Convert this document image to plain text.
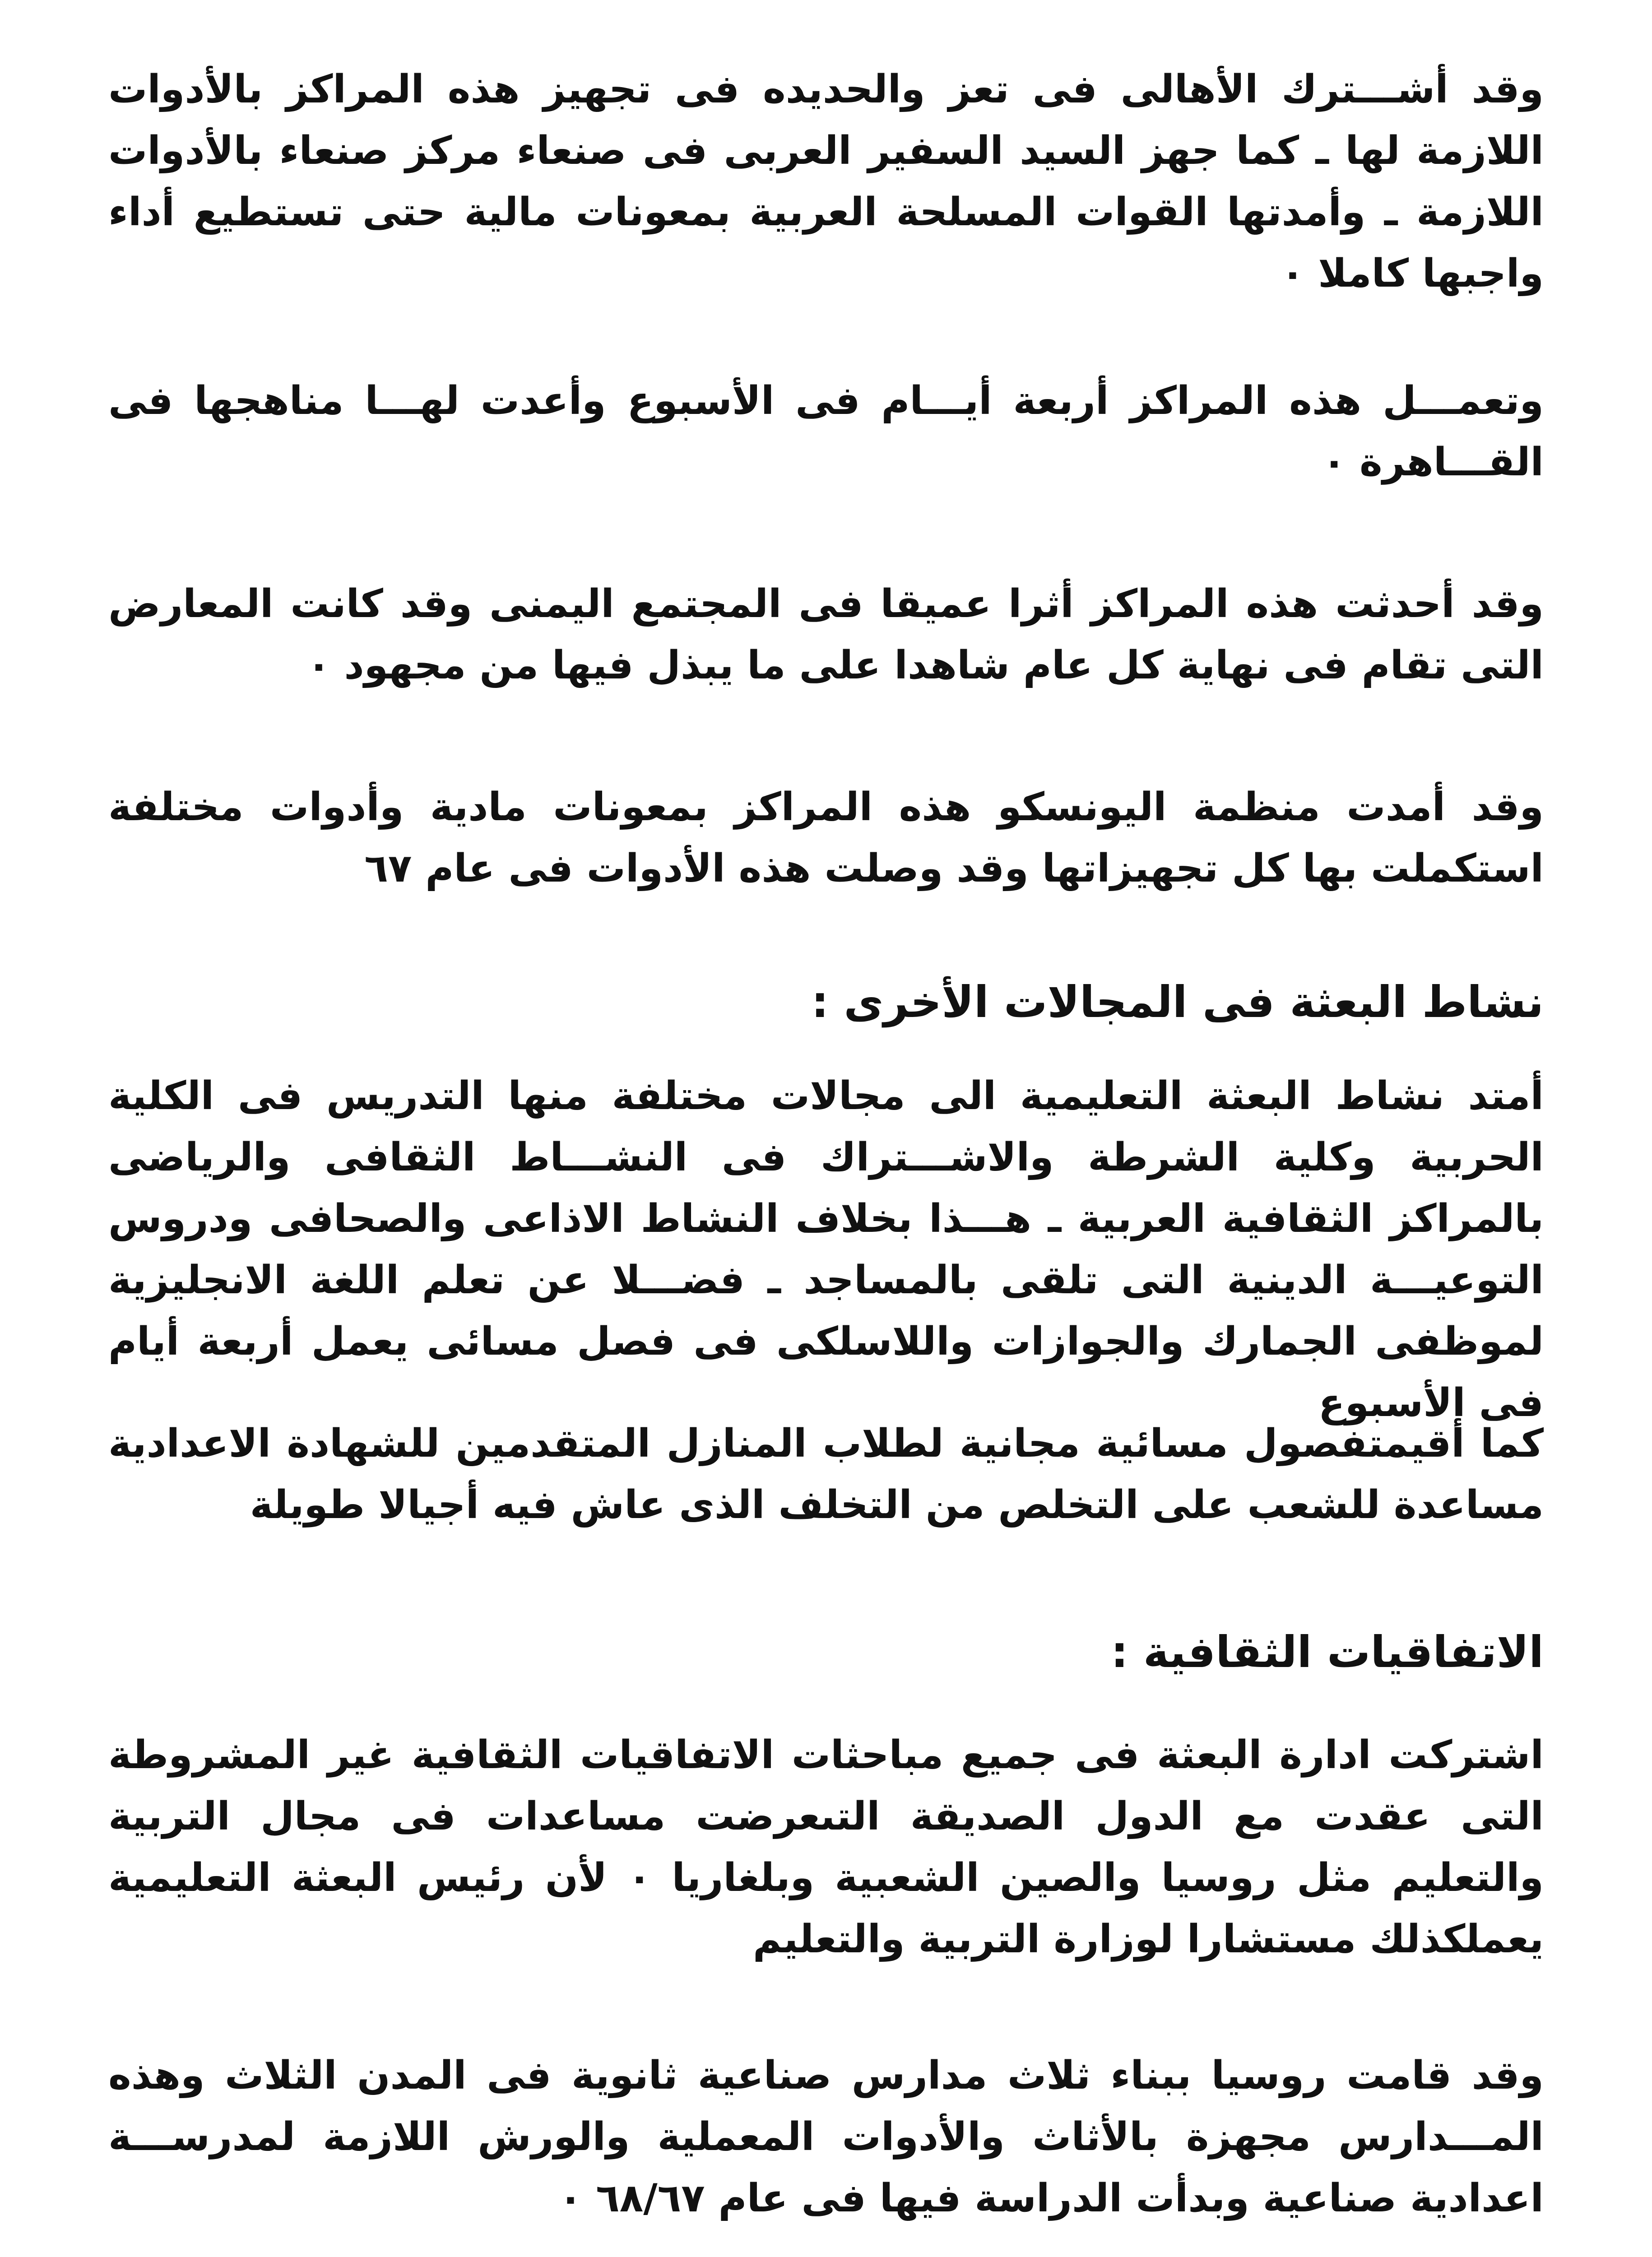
وقد أشـــترك الأهالى فى تعز والحديده فى تجهيز هذه المراكز بالأدوات اللازمة لها ـ كما جهز السيد السفير العربى فى صنعاء مركز صنعاء بالأدوات اللازمة ـ وأمدتها القوات المسلحة العربية بمعونات مالية حتى تستطيع أداء واجبها كاملا ٠

وتعمـــل هذه المراكز أربعة أيـــام فى الأسبوع وأعدت لهـــا مناهجها فى القـــاهرة ٠

وقد أحدثت هذه المراكز أثرا عميقا فى المجتمع اليمنى وقد كانت المعارض التى تقام فى نهاية كل عام شاهدا على ما يبذل فيها من مجهود ٠

وقد أمدت منظمة اليونسكو هذه المراكز بمعونات مادية وأدوات مختلفة استكملت بها كل تجهيزاتها وقد وصلت هذه الأدوات فى عام ٦٧

نشاط البعثة فى المجالات الأخرى :

أمتد نشاط البعثة التعليمية الى مجالات مختلفة منها التدريس فى الكلية الحربية وكلية الشرطة والاشـــتراك فى النشـــاط الثقافى والرياضى بالمراكز الثقافية العربية ـ هـــذا بخلاف النشاط الاذاعى والصحافى ودروس التوعيـــة الدينية التى تلقى بالمساجد ـ فضـــلا عن تعلم اللغة الانجليزية لموظفى الجمارك والجوازات واللاسلكى فى فصل مسائى يعمل أربعة أيام فى الأسبوع

كما أقيمتفصول مسائية مجانية لطلاب المنازل المتقدمين للشهادة الاعدادية مساعدة للشعب على التخلص من التخلف الذى عاش فيه أجيالا طويلة

الاتفاقيات الثقافية :

اشتركت ادارة البعثة فى جميع مباحثات الاتفاقيات الثقافية غير المشروطة التى عقدت مع الدول الصديقة التىعرضت مساعدات فى مجال التربية والتعليم مثل روسيا والصين الشعبية وبلغاريا ٠ لأن رئيس البعثة التعليمية يعملكذلك مستشارا لوزارة التربية والتعليم

وقد قامت روسيا ببناء ثلاث مدارس صناعية ثانوية فى المدن الثلاث وهذه المـــدارس مجهزة بالأثاث والأدوات المعملية والورش اللازمة لمدرســـة اعدادية صناعية وبدأت الدراسة فيها فى عام ٦٨/٦٧ ٠
